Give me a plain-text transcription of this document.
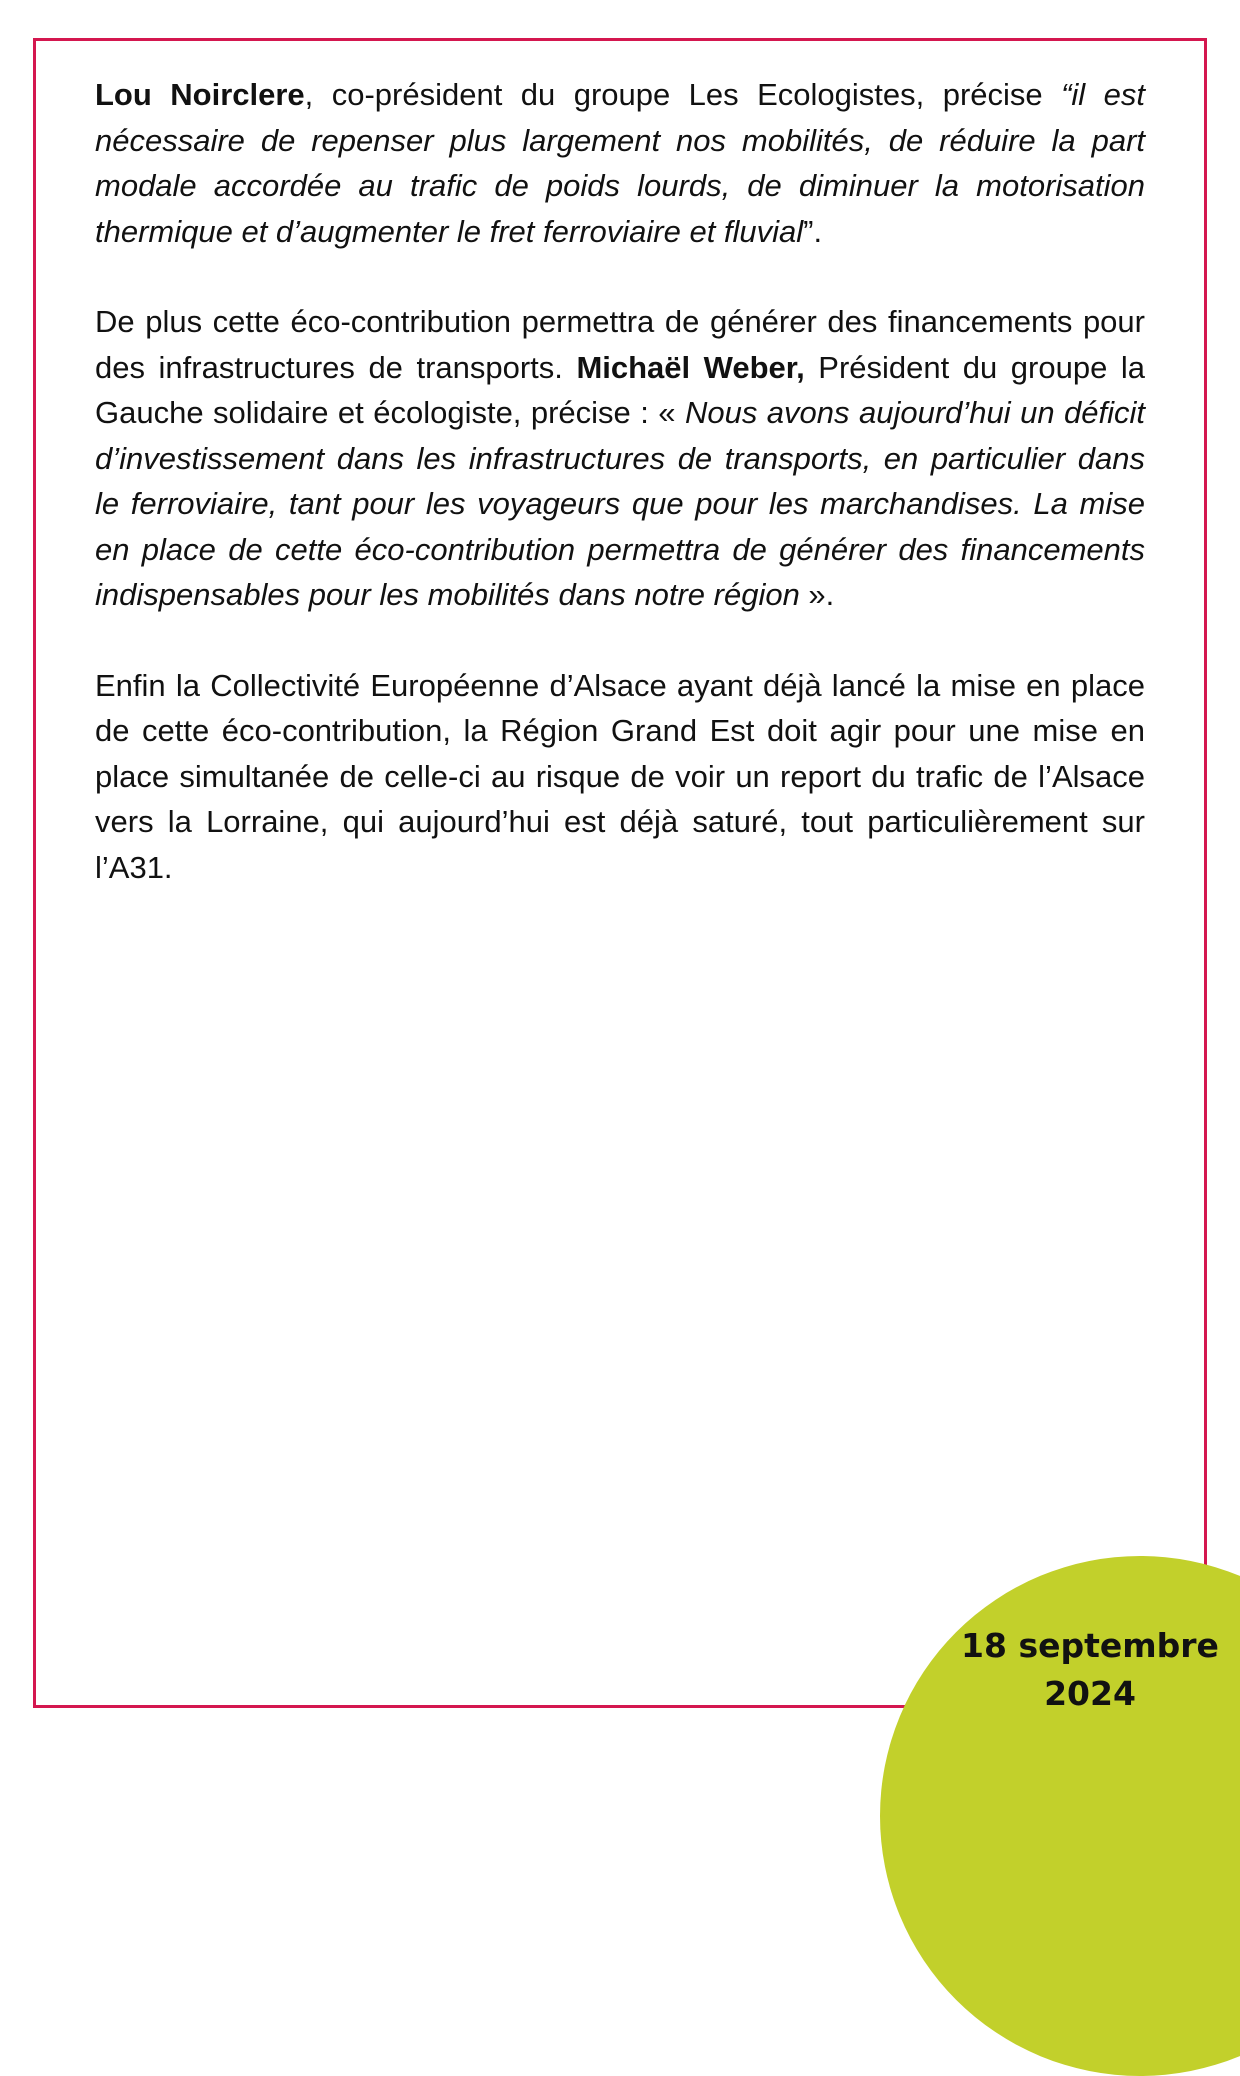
Lou Noirclere, co-président du groupe Les Ecologistes, précise “il est nécessaire de repenser plus largement nos mobilités, de réduire la part modale accordée au trafic de poids lourds, de diminuer la motorisation thermique et d’augmenter le fret ferroviaire et fluvial”.

De plus cette éco-contribution permettra de générer des financements pour des infrastructures de transports. Michaël Weber, Président du groupe la Gauche solidaire et écologiste, précise : « Nous avons aujourd’hui un déficit d’investissement dans les infrastructures de transports, en particulier dans le ferroviaire, tant pour les voyageurs que pour les marchandises. La mise en place de cette éco-contribution permettra de générer des financements indispensables pour les mobilités dans notre région ».

Enfin la Collectivité Européenne d’Alsace ayant déjà lancé la mise en place de cette éco-contribution, la Région Grand Est doit agir pour une mise en place simultanée de celle-ci au risque de voir un report du trafic de l’Alsace vers la Lorraine, qui aujourd’hui est déjà saturé, tout particulièrement sur l’A31.

18 septembre
2024
